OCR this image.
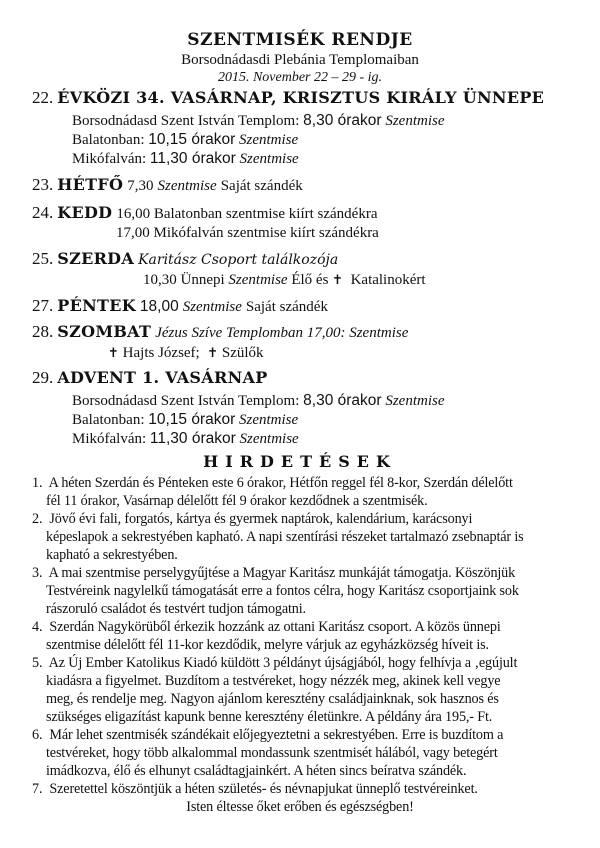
SZENTMISÉK RENDJE
Borsodnádasdi Plebánia Templomaiban
2015. November 22 – 29 - ig.
22. ÉVKÖZI 34. VASÁRNAP, KRISZTUS KIRÁLY ÜNNEPE
Borsodnádasd Szent István Templom: 8,30 órakor Szentmise
Balatonban: 10,15 órakor Szentmise
Mikófalván: 11,30 órakor Szentmise
23. HÉTFŐ 7,30 Szentmise Saját szándék
24. KEDD 16,00 Balatonban szentmise kiírt szándékra
17,00 Mikófalván szentmise kiírt szándékra
25. SZERDA Karitász Csoport találkozója
10,30 Ünnepi Szentmise Élő és ✝ Katalinokért
27. PÉNTEK 18,00 Szentmise Saját szándék
28. SZOMBAT Jézus Szíve Templomban 17,00: Szentmise
✝ Hajts József; ✝ Szülők
29. ADVENT 1. VASÁRNAP
Borsodnádasd Szent István Templom: 8,30 órakor Szentmise
Balatonban: 10,15 órakor Szentmise
Mikófalván: 11,30 órakor Szentmise
HIRDETÉSEK
1. A héten Szerdán és Pénteken este 6 órakor, Hétfőn reggel fél 8-kor, Szerdán délelőtt
fél 11 órakor, Vasárnap délelőtt fél 9 órakor kezdődnek a szentmisék.
2. Jövő évi fali, forgatós, kártya és gyermek naptárok, kalendárium, karácsonyi
képeslapok a sekrestyében kapható. A napi szentírási részeket tartalmazó zsebnaptár is
kapható a sekrestyében.
3. A mai szentmise perselygyűjtése a Magyar Karitász munkáját támogatja. Köszönjük
Testvéreink nagylelkű támogatását erre a fontos célra, hogy Karitász csoportjaink sok
rászoruló családot és testvért tudjon támogatni.
4. Szerdán Nagykörüből érkezik hozzánk az ottani Karitász csoport. A közös ünnepi
szentmise délelőtt fél 11-kor kezdődik, melyre várjuk az egyházközség híveit is.
5. Az Új Ember Katolikus Kiadó küldött 3 példányt újságjából, hogy felhívja a ‚egújult
kiadásra a figyelmet. Buzdítom a testvéreket, hogy nézzék meg, akinek kell vegye
meg, és rendelje meg. Nagyon ajánlom keresztény családjainknak, sok hasznos és
szükséges eligazítást kapunk benne keresztény életünkre. A példány ára 195,- Ft.
6. Már lehet szentmisék szándékait előjegyeztetni a sekrestyében. Erre is buzdítom a
testvéreket, hogy több alkalommal mondassunk szentmisét hálából, vagy betegért
imádkozva, élő és elhunyt családtagjainkért. A héten sincs beíratva szándék.
7. Szeretettel köszöntjük a héten születés- és névnapjukat ünneplő testvéreinket.
Isten éltesse őket erőben és egészségben!
